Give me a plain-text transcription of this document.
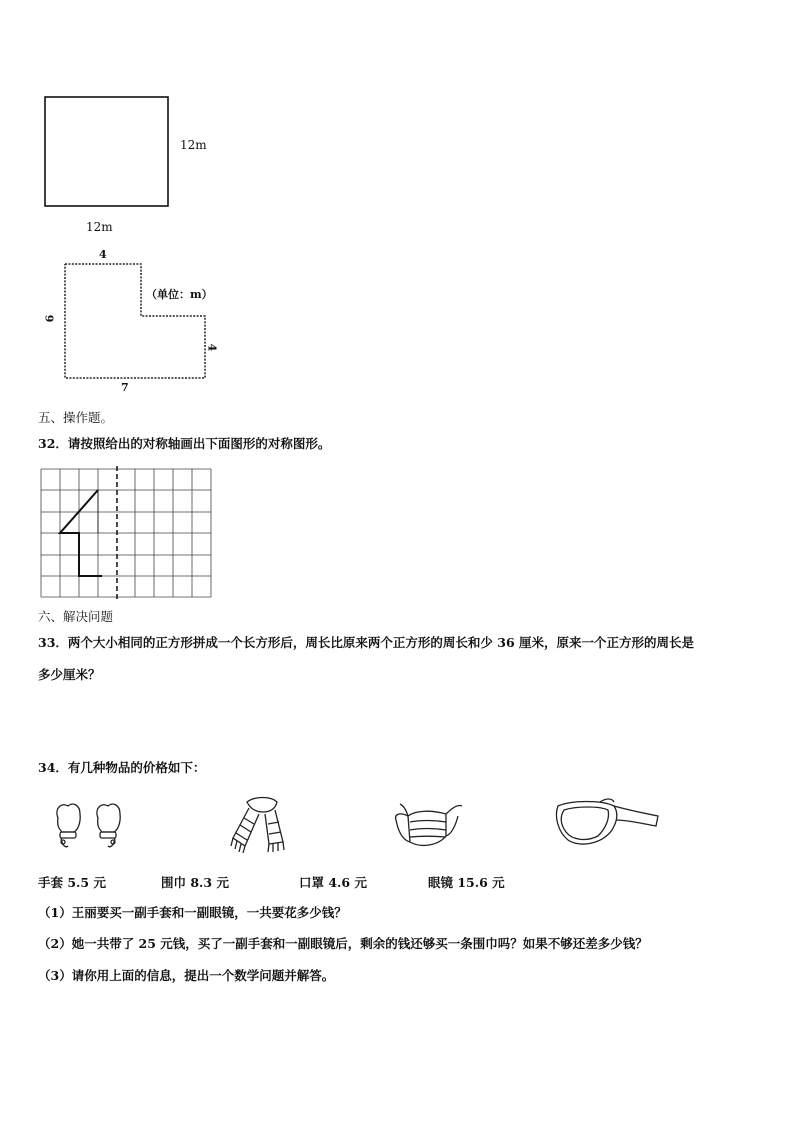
12m
12m
4
6
4
7
（单位：m）
五、操作题。
32．请按照给出的对称轴画出下面图形的对称图形。
六、解决问题
33．两个大小相同的正方形拼成一个长方形后，周长比原来两个正方形的周长和少 36 厘米，原来一个正方形的周长是
多少厘米？
34．有几种物品的价格如下：
手套 5.5 元	围巾 8.3 元	口罩 4.6 元	眼镜 15.6 元
（1）王丽要买一副手套和一副眼镜，一共要花多少钱？
（2）她一共带了 25 元钱，买了一副手套和一副眼镜后，剩余的钱还够买一条围巾吗？如果不够还差多少钱？
（3）请你用上面的信息，提出一个数学问题并解答。
